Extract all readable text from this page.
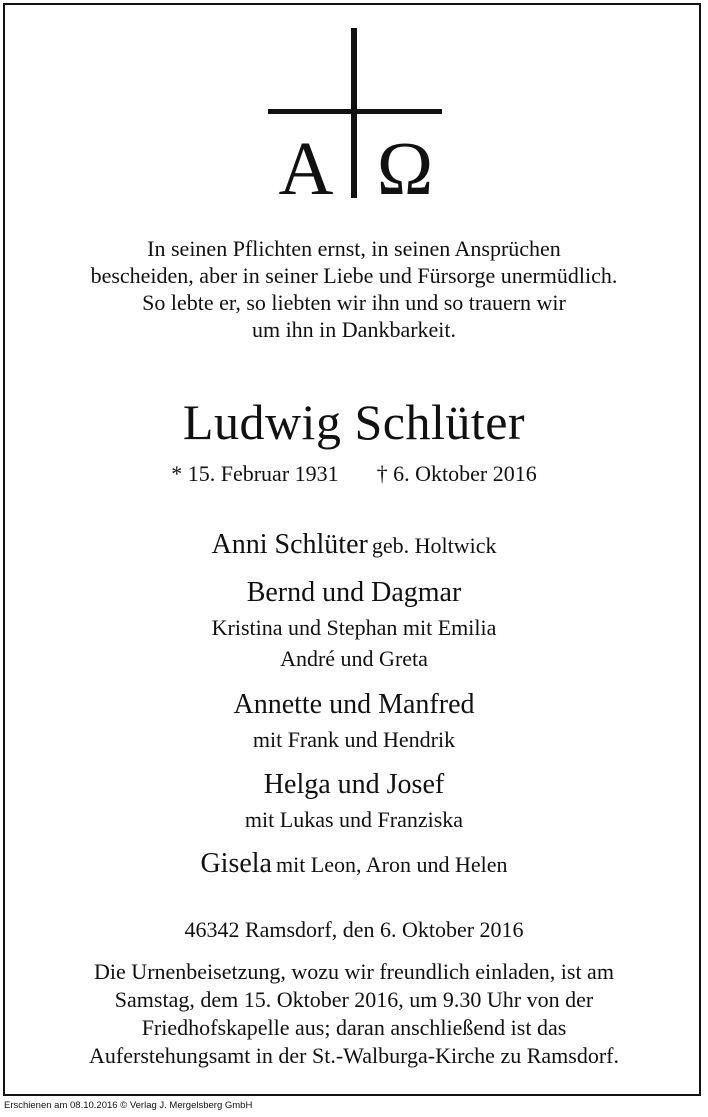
A Ω
In seinen Pflichten ernst, in seinen Ansprüchen
bescheiden, aber in seiner Liebe und Fürsorge unermüdlich.
So lebte er, so liebten wir ihn und so trauern wir
um ihn in Dankbarkeit.
Ludwig Schlüter
* 15. Februar 1931 † 6. Oktober 2016
Anni Schlüter geb. Holtwick
Bernd und Dagmar
Kristina und Stephan mit Emilia
André und Greta
Annette und Manfred
mit Frank und Hendrik
Helga und Josef
mit Lukas und Franziska
Gisela mit Leon, Aron und Helen
46342 Ramsdorf, den 6. Oktober 2016
Die Urnenbeisetzung, wozu wir freundlich einladen, ist am
Samstag, dem 15. Oktober 2016, um 9.30 Uhr von der
Friedhofskapelle aus; daran anschließend ist das
Auferstehungsamt in der St.-Walburga-Kirche zu Ramsdorf.
Erschienen am 08.10.2016 © Verlag J. Mergelsberg GmbH
